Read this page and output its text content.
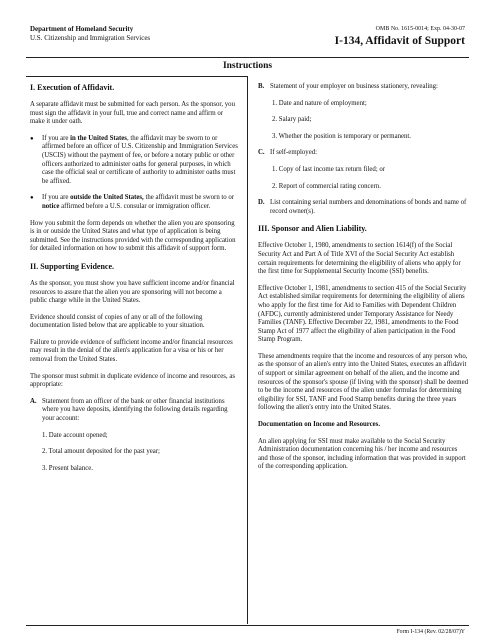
Department of Homeland Security
U.S. Citizenship and Immigration Services
OMB No. 1615-0014; Exp. 04-30-07
I-134, Affidavit of Support
Instructions
I. Execution of Affidavit.

A separate affidavit must be submitted for each person. As the sponsor, you must sign the affidavit in your full, true and correct name and affirm or make it under oath.

●	If you are in the United States, the affidavit may be sworn to or affirmed before an officer of U.S. Citizenship and Immigration Services (USCIS) without the payment of fee, or before a notary public or other officers authorized to administer oaths for general purposes, in which case the official seal or certificate of authority to administer oaths must be affixed.
●	If you are outside the United States, the affidavit must be sworn to or notice affirmed before a U.S. consular or immigration officer.

How you submit the form depends on whether the alien you are sponsoring is in or outside the United States and what type of application is being submitted. See the instructions provided with the corresponding application for detailed information on how to submit this affidavit of support form.

II. Supporting Evidence.

As the sponsor, you must show you have sufficient income and/or financial resources to assure that the alien you are sponsoring will not become a public charge while in the United States.

Evidence should consist of copies of any or all of the following documentation listed below that are applicable to your situation.

Failure to provide evidence of sufficient income and/or financial resources may result in the denial of the alien's application for a visa or his or her removal from the United States.

The sponsor must submit in duplicate evidence of income and resources, as appropriate:

A. Statement from an officer of the bank or other financial institutions where you have deposits, identifying the following details regarding your account:
1. Date account opened;
2. Total amount deposited for the past year;
3. Present balance.
B. Statement of your employer on business stationery, revealing:
1. Date and nature of employment;
2. Salary paid;
3. Whether the position is temporary or permanent.
C. If self-employed:
1. Copy of last income tax return filed; or
2. Report of commercial rating concern.
D. List containing serial numbers and denominations of bonds and name of record owner(s).
III. Sponsor and Alien Liability.

Effective October 1, 1980, amendments to section 1614(f) of the Social Security Act and Part A of Title XVI of the Social Security Act establish certain requirements for determining the eligibility of aliens who apply for the first time for Supplemental Security Income (SSI) benefits.

Effective October 1, 1981, amendments to section 415 of the Social Security Act established similar requirements for determining the eligibility of aliens who apply for the first time for Aid to Families with Dependent Children (AFDC), currently administered under Temporary Assistance for Needy Families (TANF). Effective December 22, 1981, amendments to the Food Stamp Act of 1977 affect the eligibility of alien participation in the Food Stamp Program.

These amendments require that the income and resources of any person who, as the sponsor of an alien's entry into the United States, executes an affidavit of support or similar agreement on behalf of the alien, and the income and resources of the sponsor's spouse (if living with the sponsor) shall be deemed to be the income and resources of the alien under formulas for determining eligibility for SSI, TANF and Food Stamp benefits during the three years following the alien's entry into the United States.

Documentation on Income and Resources.

An alien applying for SSI must make available to the Social Security Administration documentation concerning his / her income and resources and those of the sponsor, including information that was provided in support of the corresponding application.

Form I-134 (Rev. 02/28/07)Y
